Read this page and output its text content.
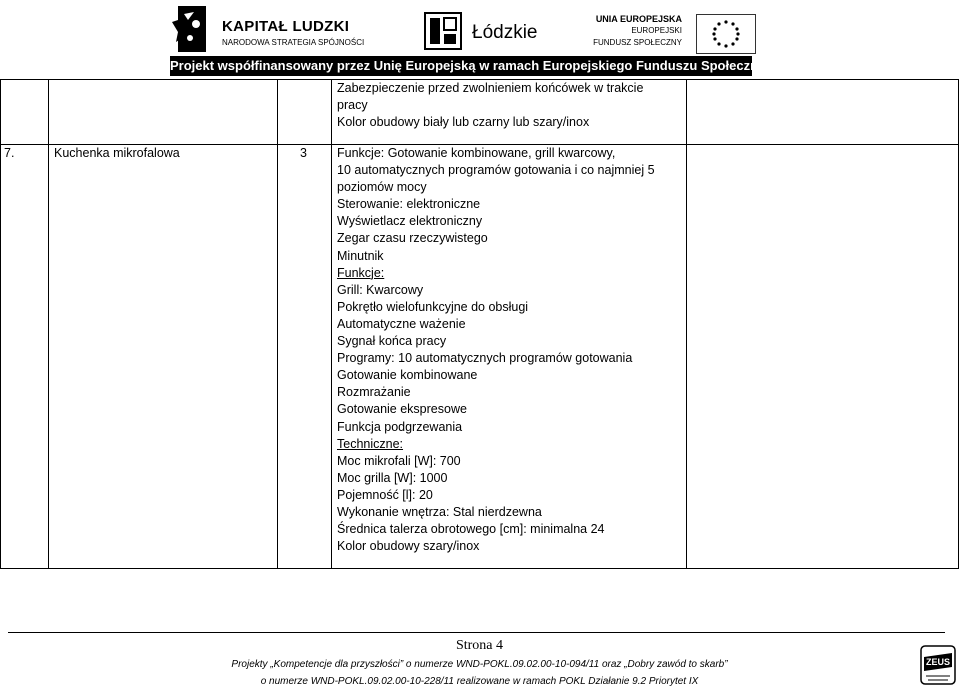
KAPITAŁ LUDZKI
NARODOWA STRATEGIA SPÓJNOŚCI	Łódzkie
UNIA EUROPEJSKA
EUROPEJSKI
FUNDUSZ SPOŁECZNY
Projekt współfinansowany przez Unię Europejską w ramach Europejskiego Funduszu Społecznego
Zabezpieczenie przed zwolnieniem końcówek w trakcie
pracy
Kolor obudowy biały lub czarny lub szary/inox
7.	Kuchenka mikrofalowa	3 Funkcje: Gotowanie kombinowane, grill kwarcowy,
10 automatycznych programów gotowania i co najmniej 5
poziomów mocy
Sterowanie: elektroniczne
Wyświetlacz elektroniczny
Zegar czasu rzeczywistego
Minutnik
Funkcje:
Grill: Kwarcowy
Pokrętło wielofunkcyjne do obsługi
Automatyczne ważenie
Sygnał końca pracy
Programy: 10 automatycznych programów gotowania
Gotowanie kombinowane
Rozmrażanie
Gotowanie ekspresowe
Funkcja podgrzewania
Techniczne:
Moc mikrofali [W]: 700
Moc grilla [W]: 1000
Pojemność [l]: 20
Wykonanie wnętrza: Stal nierdzewna
Średnica talerza obrotowego [cm]: minimalna 24
Kolor obudowy szary/inox
Strona 4
Projekty „Kompetencje dla przyszłości” o numerze WND-POKL.09.02.00-10-094/11 oraz „Dobry zawód to skarb”
o numerze WND-POKL.09.02.00-10-228/11 realizowane w ramach POKL Działanie 9.2 Priorytet IX
ZEUS
